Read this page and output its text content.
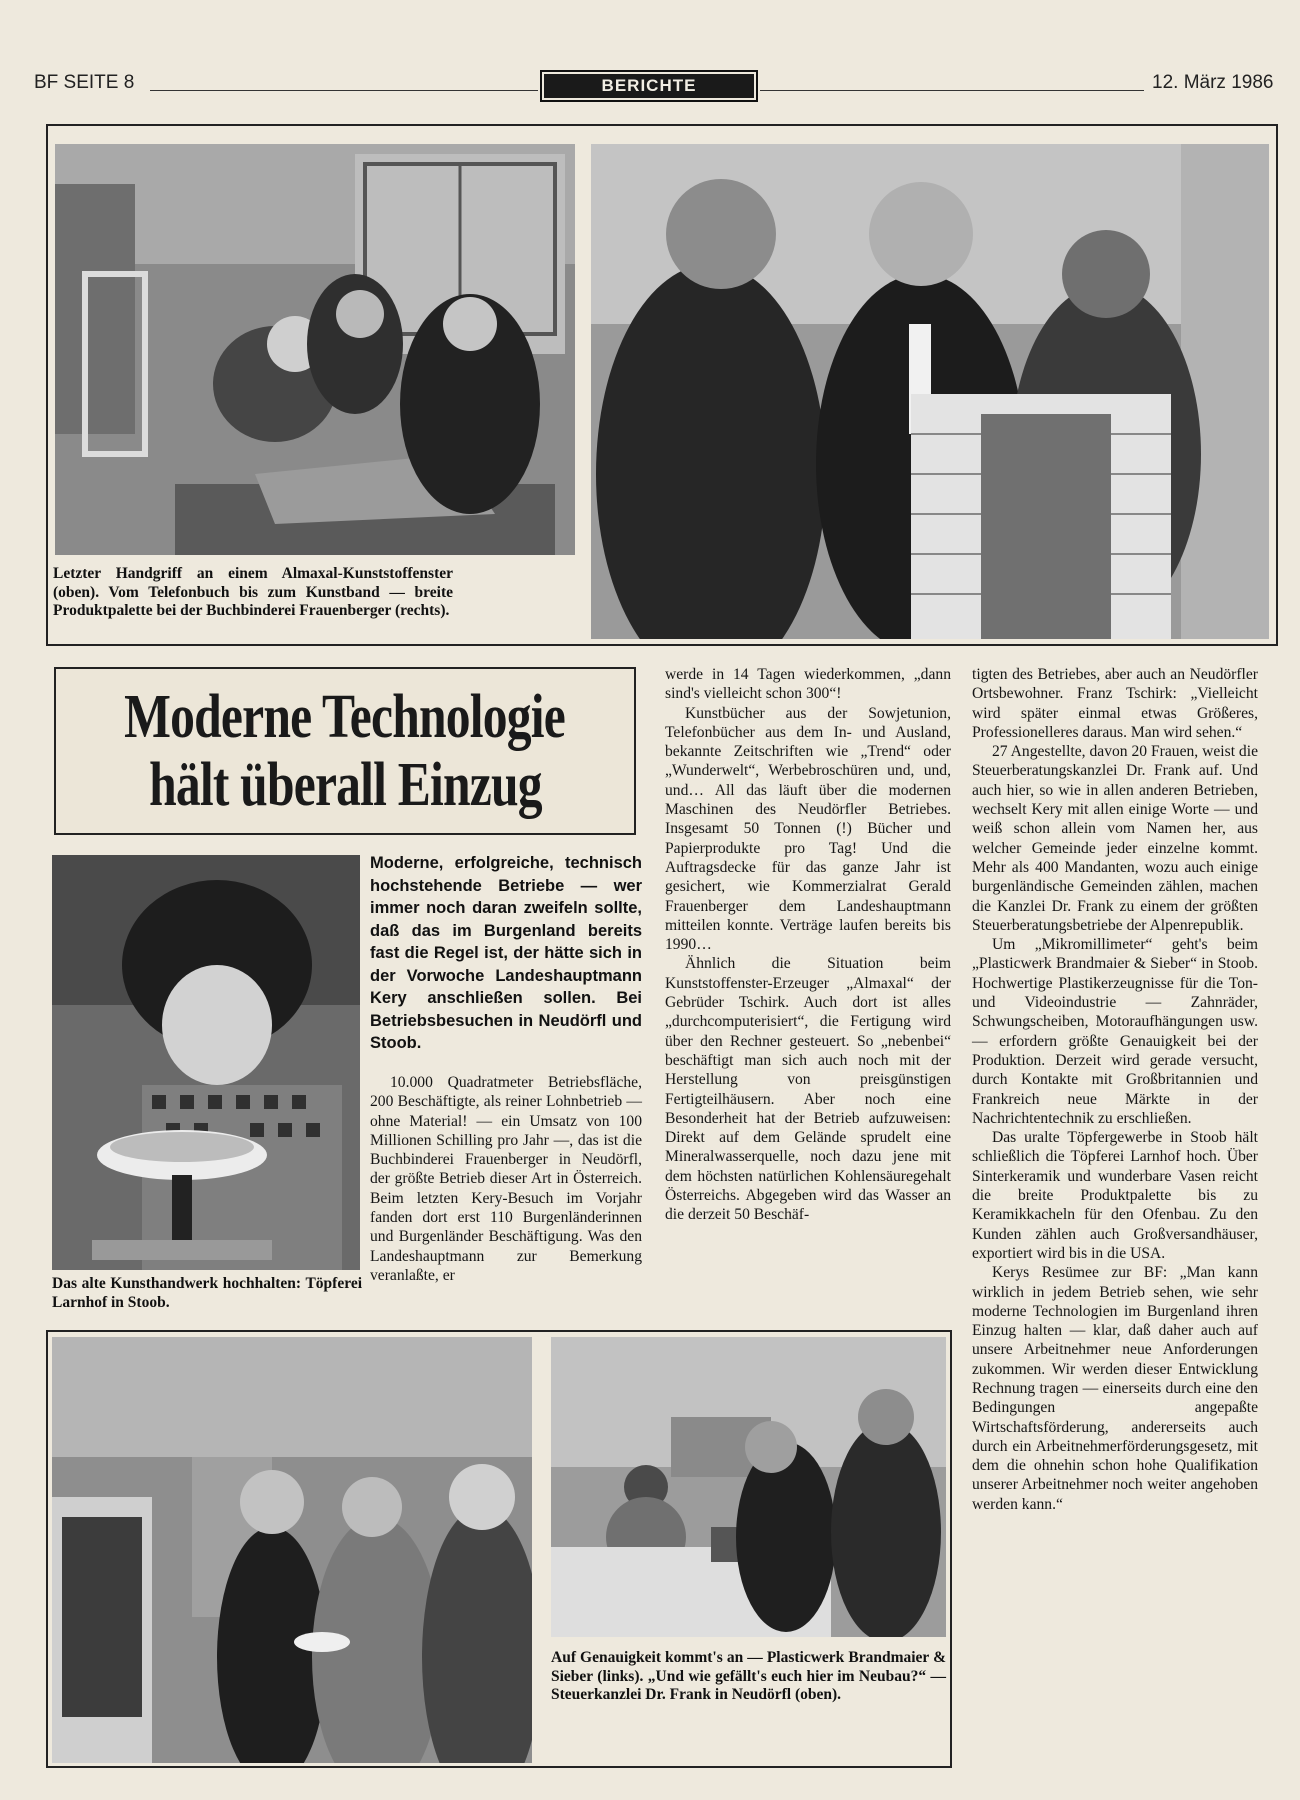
BF SEITE 8	BERICHTE	12. März 1986
Letzter Handgriff an einem Almaxal-Kunststoffenster (oben). Vom Telefonbuch bis zum Kunstband — breite Produktpalette bei der Buchbinderei Frauenberger (rechts).
Moderne Technologie
hält überall Einzug
Das alte Kunsthandwerk hochhalten: Töpferei Larnhof in Stoob.
Moderne, erfolgreiche, technisch hochstehende Betriebe — wer immer noch daran zweifeln sollte, daß das im Burgenland bereits fast die Regel ist, der hätte sich in der Vorwoche Landeshauptmann Kery anschließen sollen. Bei Betriebsbesuchen in Neudörfl und Stoob.

10.000 Quadratmeter Betriebsfläche, 200 Beschäftigte, als reiner Lohnbetrieb — ohne Material! — ein Umsatz von 100 Millionen Schilling pro Jahr —, das ist die Buchbinderei Frauenberger in Neudörfl, der größte Betrieb dieser Art in Österreich. Beim letzten Kery-Besuch im Vorjahr fanden dort erst 110 Burgenländerinnen und Burgenländer Beschäftigung. Was den Landeshauptmann zur Bemerkung veranlaßte, er

werde in 14 Tagen wiederkommen, „dann sind's vielleicht schon 300“!

Kunstbücher aus der Sowjetunion, Telefonbücher aus dem In- und Ausland, bekannte Zeitschriften wie „Trend“ oder „Wunderwelt“, Werbebroschüren und, und, und… All das läuft über die modernen Maschinen des Neudörfler Betriebes. Insgesamt 50 Tonnen (!) Bücher und Papierprodukte pro Tag! Und die Auftragsdecke für das ganze Jahr ist gesichert, wie Kommerzialrat Gerald Frauenberger dem Landeshauptmann mitteilen konnte. Verträge laufen bereits bis 1990…

Ähnlich die Situation beim Kunststoffenster-Erzeuger „Almaxal“ der Gebrüder Tschirk. Auch dort ist alles „durchcomputerisiert“, die Fertigung wird über den Rechner gesteuert. So „nebenbei“ beschäftigt man sich auch noch mit der Herstellung von preisgünstigen Fertigteilhäusern. Aber noch eine Besonderheit hat der Betrieb aufzuweisen: Direkt auf dem Gelände sprudelt eine Mineralwasserquelle, noch dazu jene mit dem höchsten natürlichen Kohlensäuregehalt Österreichs. Abgegeben wird das Wasser an die derzeit 50 Beschäf-

tigten des Betriebes, aber auch an Neudörfler Ortsbewohner. Franz Tschirk: „Vielleicht wird später einmal etwas Größeres, Professionelleres daraus. Man wird sehen.“

27 Angestellte, davon 20 Frauen, weist die Steuerberatungskanzlei Dr. Frank auf. Und auch hier, so wie in allen anderen Betrieben, wechselt Kery mit allen einige Worte — und weiß schon allein vom Namen her, aus welcher Gemeinde jeder einzelne kommt. Mehr als 400 Mandanten, wozu auch einige burgenländische Gemeinden zählen, machen die Kanzlei Dr. Frank zu einem der größten Steuerberatungsbetriebe der Alpenrepublik.

Um „Mikromillimeter“ geht's beim „Plasticwerk Brandmaier & Sieber“ in Stoob. Hochwertige Plastikerzeugnisse für die Ton- und Videoindustrie — Zahnräder, Schwungscheiben, Motoraufhängungen usw. — erfordern größte Genauigkeit bei der Produktion. Derzeit wird gerade versucht, durch Kontakte mit Großbritannien und Frankreich neue Märkte in der Nachrichtentechnik zu erschließen.

Das uralte Töpfergewerbe in Stoob hält schließlich die Töpferei Larnhof hoch. Über Sinterkeramik und wunderbare Vasen reicht die breite Produktpalette bis zu Keramikkacheln für den Ofenbau. Zu den Kunden zählen auch Großversandhäuser, exportiert wird bis in die USA.

Kerys Resümee zur BF: „Man kann wirklich in jedem Betrieb sehen, wie sehr moderne Technologien im Burgenland ihren Einzug halten — klar, daß daher auch auf unsere Arbeitnehmer neue Anforderungen zukommen. Wir werden dieser Entwicklung Rechnung tragen — einerseits durch eine den Bedingungen angepaßte Wirtschaftsförderung, andererseits auch durch ein Arbeitnehmerförderungsgesetz, mit dem die ohnehin schon hohe Qualifikation unserer Arbeitnehmer noch weiter angehoben werden kann.“

Auf Genauigkeit kommt's an — Plasticwerk Brandmaier & Sieber (links). „Und wie gefällt's euch hier im Neubau?“ — Steuerkanzlei Dr. Frank in Neudörfl (oben).
